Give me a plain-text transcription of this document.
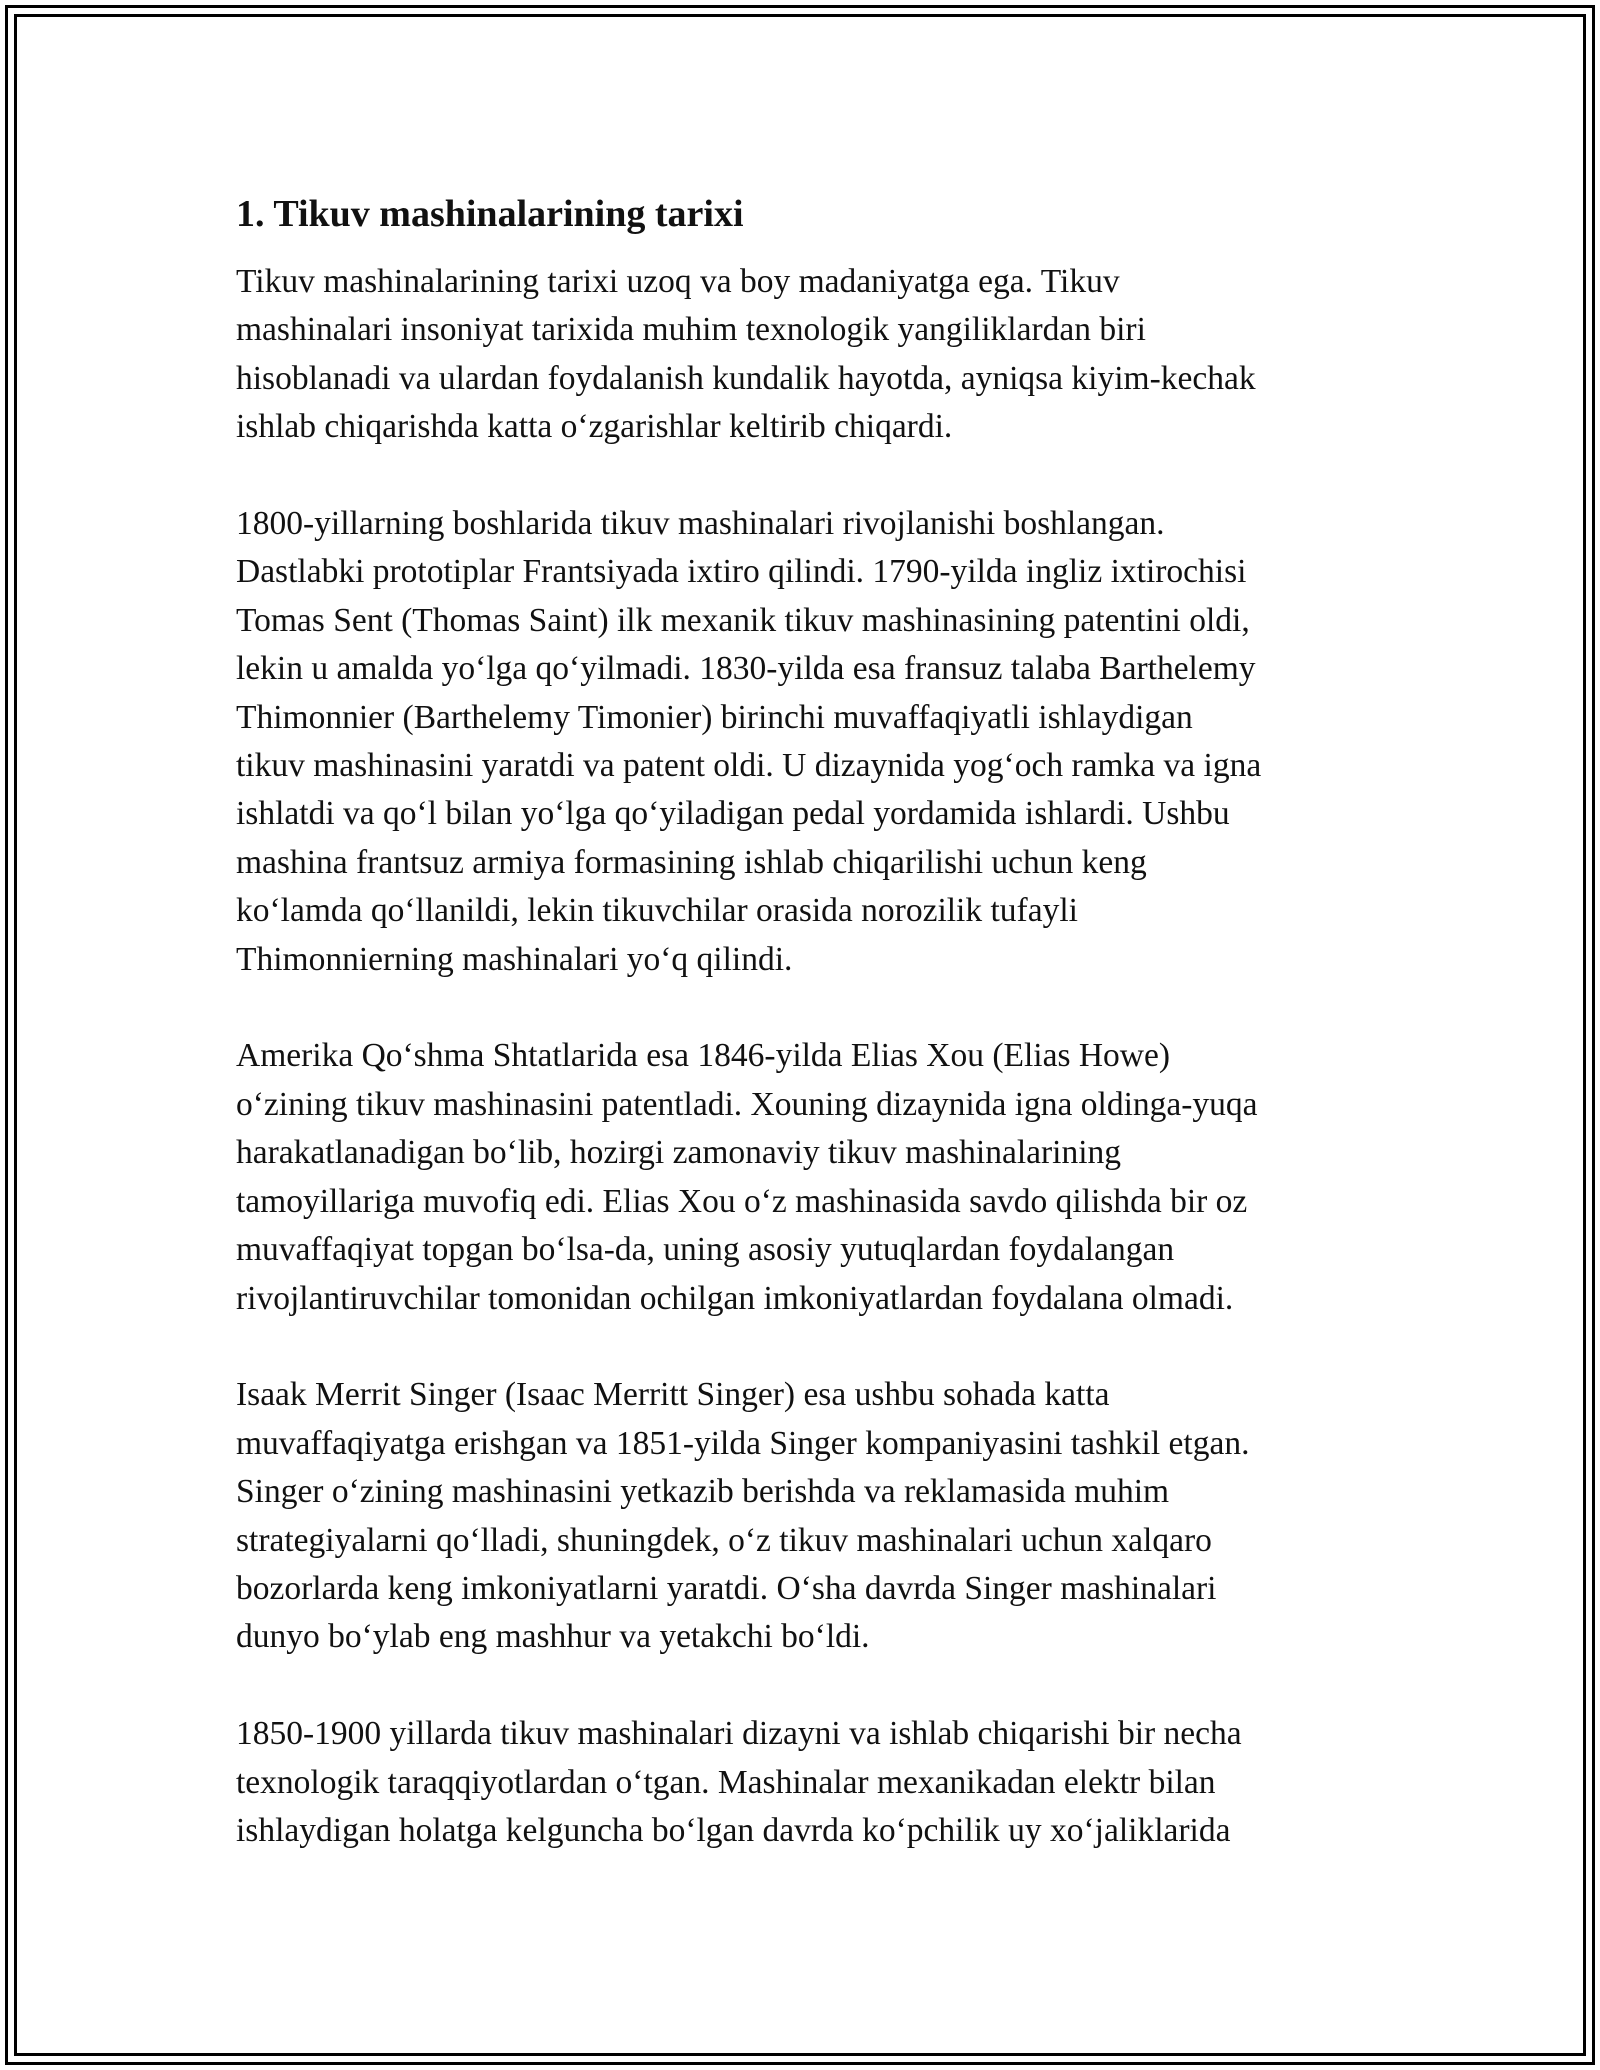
1. Tikuv mashinalarining tarixi
Tikuv mashinalarining tarixi uzoq va boy madaniyatga ega. Tikuv
mashinalari insoniyat tarixida muhim texnologik yangiliklardan biri
hisoblanadi va ulardan foydalanish kundalik hayotda, ayniqsa kiyim-kechak
ishlab chiqarishda katta o‘zgarishlar keltirib chiqardi.
1800-yillarning boshlarida tikuv mashinalari rivojlanishi boshlangan.
Dastlabki prototiplar Frantsiyada ixtiro qilindi. 1790-yilda ingliz ixtirochisi
Tomas Sent (Thomas Saint) ilk mexanik tikuv mashinasining patentini oldi,
lekin u amalda yo‘lga qo‘yilmadi. 1830-yilda esa fransuz talaba Barthelemy
Thimonnier (Barthelemy Timonier) birinchi muvaffaqiyatli ishlaydigan
tikuv mashinasini yaratdi va patent oldi. U dizaynida yog‘och ramka va igna
ishlatdi va qo‘l bilan yo‘lga qo‘yiladigan pedal yordamida ishlardi. Ushbu
mashina frantsuz armiya formasining ishlab chiqarilishi uchun keng
ko‘lamda qo‘llanildi, lekin tikuvchilar orasida norozilik tufayli
Thimonnierning mashinalari yo‘q qilindi.
Amerika Qo‘shma Shtatlarida esa 1846-yilda Elias Xou (Elias Howe)
o‘zining tikuv mashinasini patentladi. Xouning dizaynida igna oldinga-yuqa
harakatlanadigan bo‘lib, hozirgi zamonaviy tikuv mashinalarining
tamoyillariga muvofiq edi. Elias Xou o‘z mashinasida savdo qilishda bir oz
muvaffaqiyat topgan bo‘lsa-da, uning asosiy yutuqlardan foydalangan
rivojlantiruvchilar tomonidan ochilgan imkoniyatlardan foydalana olmadi.
Isaak Merrit Singer (Isaac Merritt Singer) esa ushbu sohada katta
muvaffaqiyatga erishgan va 1851-yilda Singer kompaniyasini tashkil etgan.
Singer o‘zining mashinasini yetkazib berishda va reklamasida muhim
strategiyalarni qo‘lladi, shuningdek, o‘z tikuv mashinalari uchun xalqaro
bozorlarda keng imkoniyatlarni yaratdi. O‘sha davrda Singer mashinalari
dunyo bo‘ylab eng mashhur va yetakchi bo‘ldi.
1850-1900 yillarda tikuv mashinalari dizayni va ishlab chiqarishi bir necha
texnologik taraqqiyotlardan o‘tgan. Mashinalar mexanikadan elektr bilan
ishlaydigan holatga kelguncha bo‘lgan davrda ko‘pchilik uy xo‘jaliklarida
